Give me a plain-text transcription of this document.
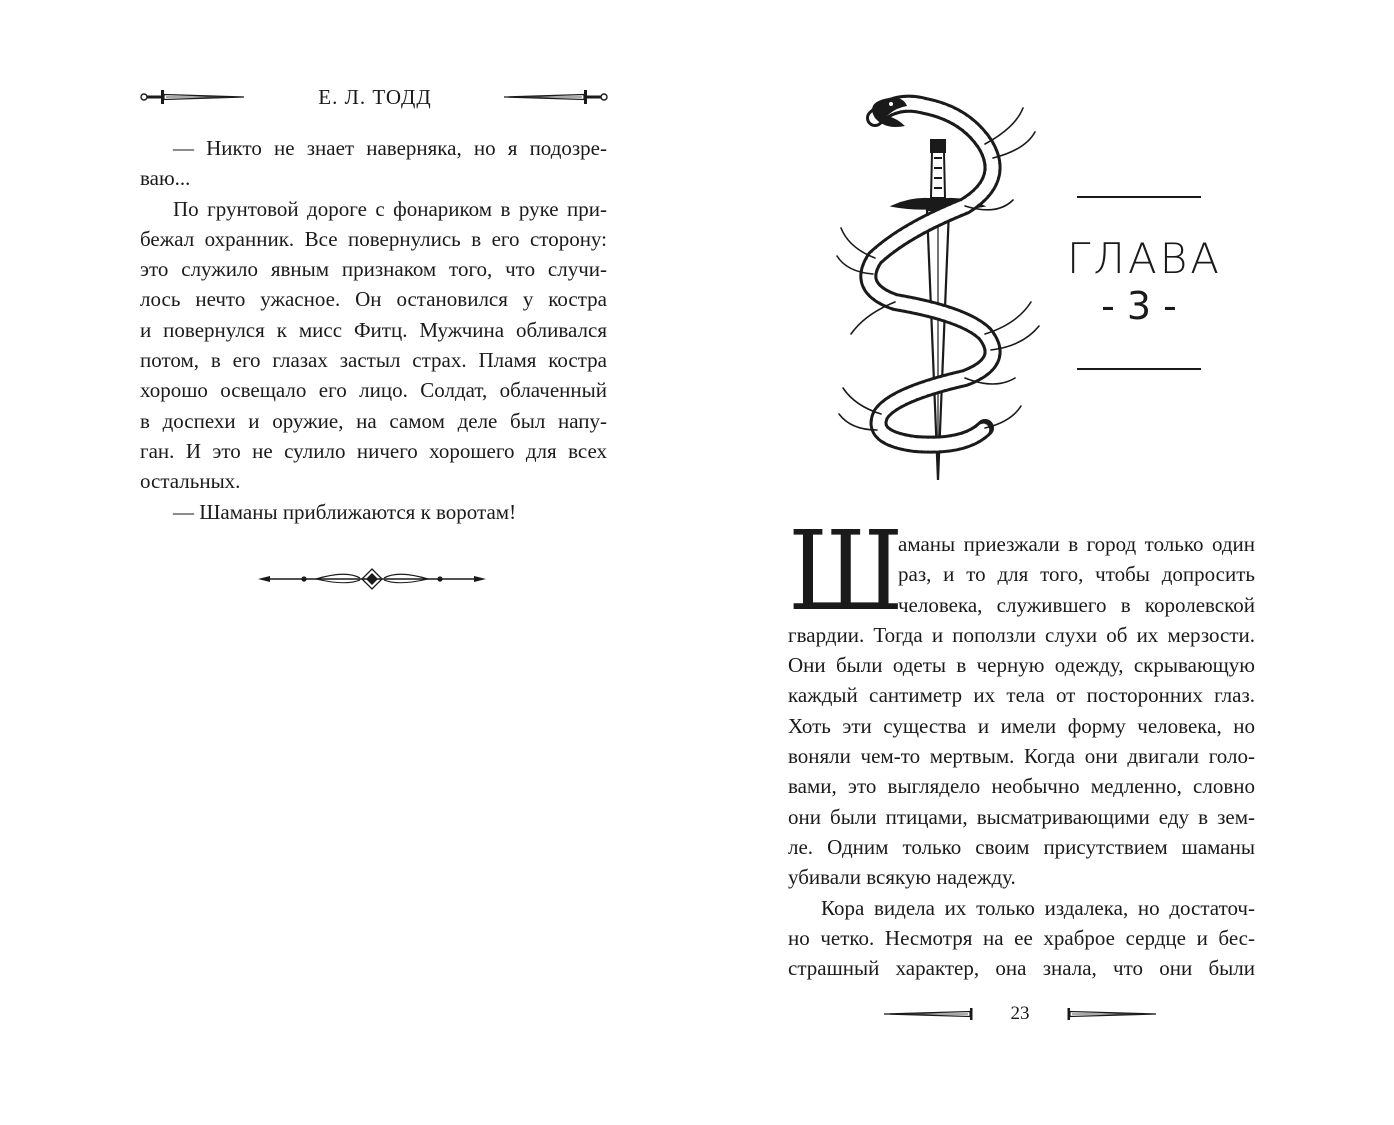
Е. Л. ТОДД
— Никто не знает наверняка, но я подозре-
ваю...
По грунтовой дороге с фонариком в руке при-
бежал охранник. Все повернулись в его сторону:
это служило явным признаком того, что случи-
лось нечто ужасное. Он остановился у костра
и повернулся к мисс Фитц. Мужчина обливался
потом, в его глазах застыл страх. Пламя костра
хорошо освещало его лицо. Солдат, облаченный
в доспехи и оружие, на самом деле был напу-
ган. И это не сулило ничего хорошего для всех
остальных.
— Шаманы приближаются к воротам!
ГЛАВА
- 3 -
Ш
аманы приезжали в город только один
раз, и то для того, чтобы допросить
человека, служившего в королевской
гвардии. Тогда и поползли слухи об их мерзости.
Они были одеты в черную одежду, скрывающую
каждый сантиметр их тела от посторонних глаз.
Хоть эти существа и имели форму человека, но
воняли чем-то мертвым. Когда они двигали голо-
вами, это выглядело необычно медленно, словно
они были птицами, высматривающими еду в зем-
ле. Одним только своим присутствием шаманы
убивали всякую надежду.
Кора видела их только издалека, но достаточ-
но четко. Несмотря на ее храброе сердце и бес-
страшный характер, она знала, что они были
23
